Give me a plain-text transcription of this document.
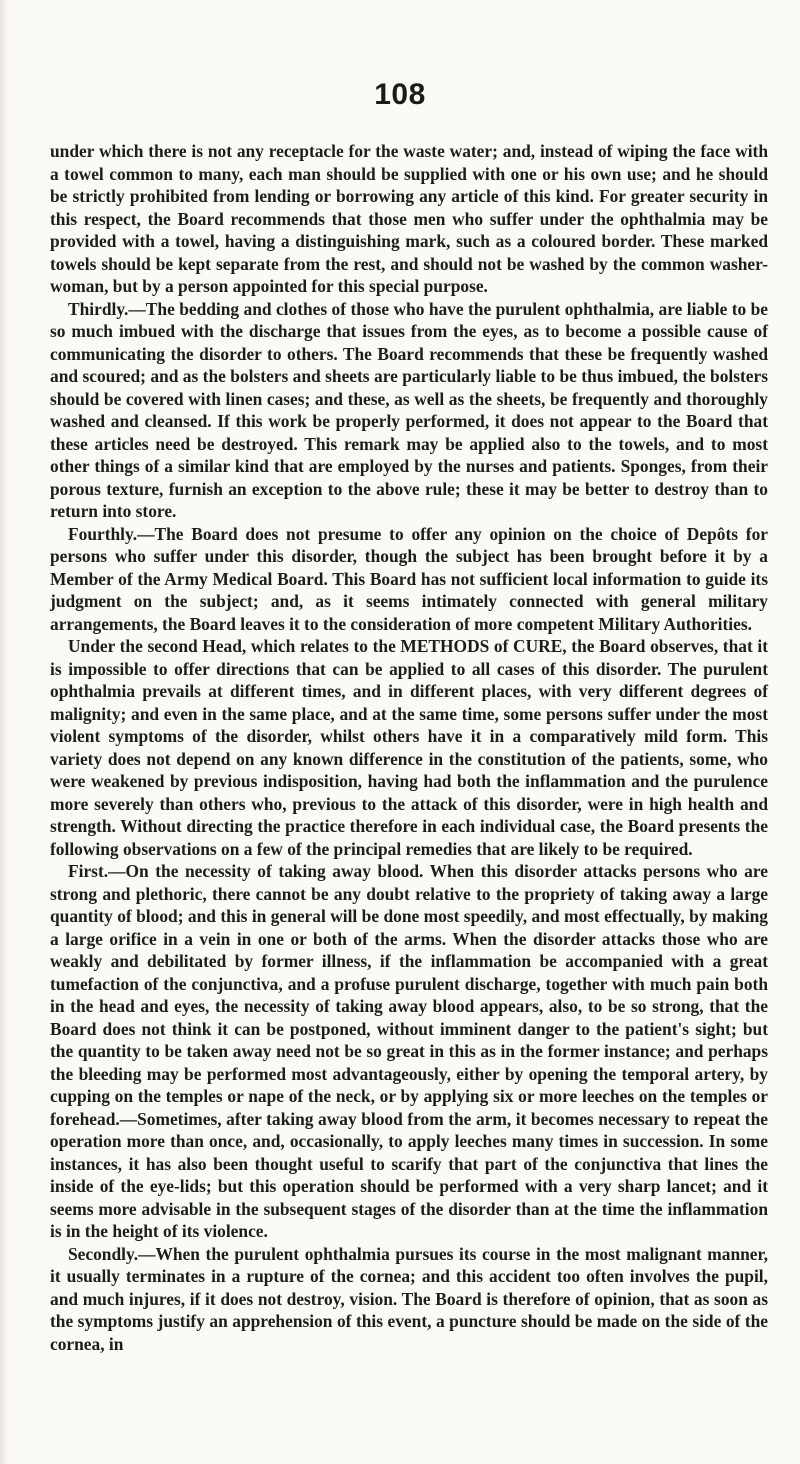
108

under which there is not any receptacle for the waste water; and, instead of wiping the face with a towel common to many, each man should be supplied with one or his own use; and he should be strictly prohibited from lending or borrowing any article of this kind. For greater security in this respect, the Board recommends that those men who suffer under the ophthalmia may be provided with a towel, having a distinguishing mark, such as a coloured border. These marked towels should be kept separate from the rest, and should not be washed by the common washer-woman, but by a person appointed for this special purpose.

Thirdly.—The bedding and clothes of those who have the purulent ophthalmia, are liable to be so much imbued with the discharge that issues from the eyes, as to become a possible cause of communicating the disorder to others. The Board recommends that these be frequently washed and scoured; and as the bolsters and sheets are particularly liable to be thus imbued, the bolsters should be covered with linen cases; and these, as well as the sheets, be frequently and thoroughly washed and cleansed. If this work be properly performed, it does not appear to the Board that these articles need be destroyed. This remark may be applied also to the towels, and to most other things of a similar kind that are employed by the nurses and patients. Sponges, from their porous texture, furnish an exception to the above rule; these it may be better to destroy than to return into store.

Fourthly.—The Board does not presume to offer any opinion on the choice of Depôts for persons who suffer under this disorder, though the subject has been brought before it by a Member of the Army Medical Board. This Board has not sufficient local information to guide its judgment on the subject; and, as it seems intimately connected with general military arrangements, the Board leaves it to the consideration of more competent Military Authorities.

Under the second Head, which relates to the METHODS of CURE, the Board observes, that it is impossible to offer directions that can be applied to all cases of this disorder. The purulent ophthalmia prevails at different times, and in different places, with very different degrees of malignity; and even in the same place, and at the same time, some persons suffer under the most violent symptoms of the disorder, whilst others have it in a comparatively mild form. This variety does not depend on any known difference in the constitution of the patients, some, who were weakened by previous indisposition, having had both the inflammation and the purulence more severely than others who, previous to the attack of this disorder, were in high health and strength. Without directing the practice therefore in each individual case, the Board presents the following observations on a few of the principal remedies that are likely to be required.

First.—On the necessity of taking away blood. When this disorder attacks persons who are strong and plethoric, there cannot be any doubt relative to the propriety of taking away a large quantity of blood; and this in general will be done most speedily, and most effectually, by making a large orifice in a vein in one or both of the arms. When the disorder attacks those who are weakly and debilitated by former illness, if the inflammation be accompanied with a great tumefaction of the conjunctiva, and a profuse purulent discharge, together with much pain both in the head and eyes, the necessity of taking away blood appears, also, to be so strong, that the Board does not think it can be postponed, without imminent danger to the patient's sight; but the quantity to be taken away need not be so great in this as in the former instance; and perhaps the bleeding may be performed most advantageously, either by opening the temporal artery, by cupping on the temples or nape of the neck, or by applying six or more leeches on the temples or forehead.—Sometimes, after taking away blood from the arm, it becomes necessary to repeat the operation more than once, and, occasionally, to apply leeches many times in succession. In some instances, it has also been thought useful to scarify that part of the conjunctiva that lines the inside of the eye-lids; but this operation should be performed with a very sharp lancet; and it seems more advisable in the subsequent stages of the disorder than at the time the inflammation is in the height of its violence.

Secondly.—When the purulent ophthalmia pursues its course in the most malignant manner, it usually terminates in a rupture of the cornea; and this accident too often involves the pupil, and much injures, if it does not destroy, vision. The Board is therefore of opinion, that as soon as the symptoms justify an apprehension of this event, a puncture should be made on the side of the cornea, in
